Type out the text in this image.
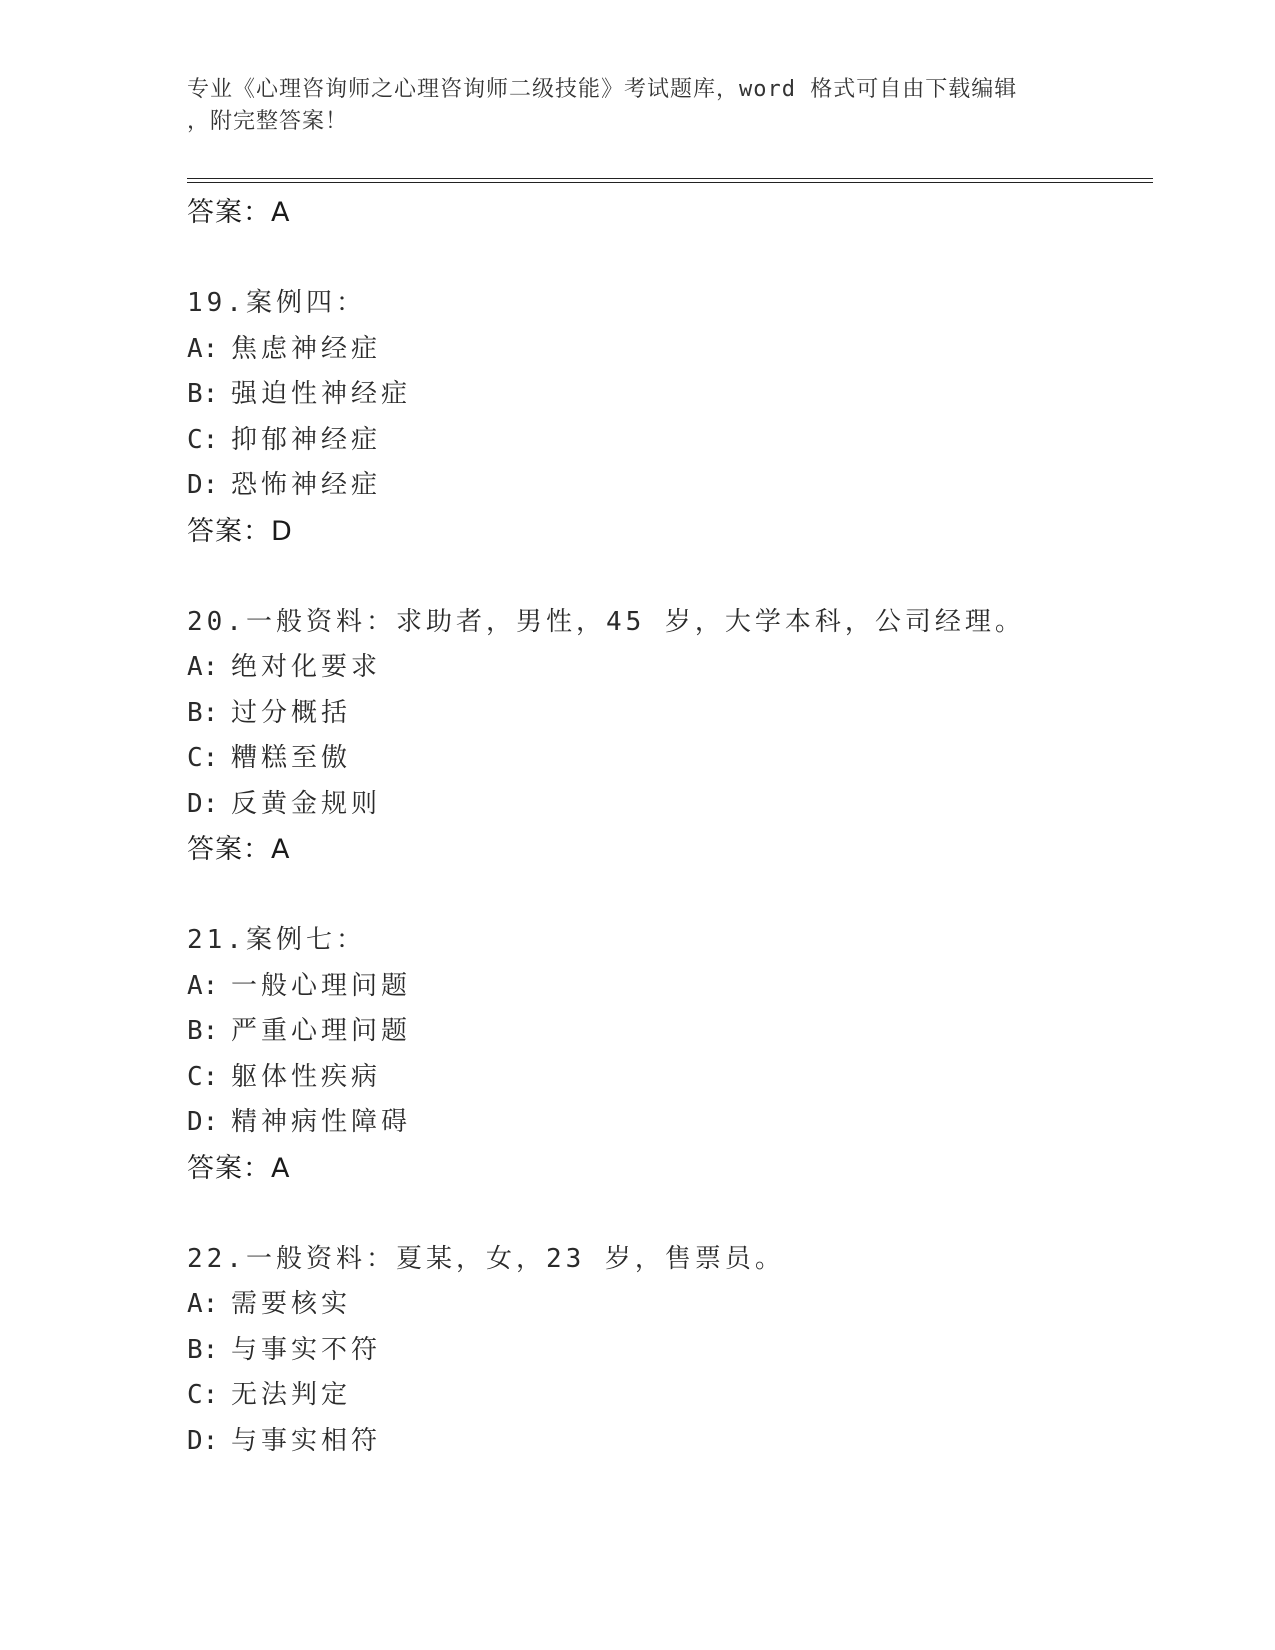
专业《心理咨询师之心理咨询师二级技能》考试题库，word 格式可自由下载编辑
，附完整答案！
答案：A
19.案例四：
A: 焦虑神经症
B: 强迫性神经症
C: 抑郁神经症
D: 恐怖神经症
答案：D
20.一般资料：求助者，男性，45 岁，大学本科，公司经理。
A: 绝对化要求
B: 过分概括
C: 糟糕至傲
D: 反黄金规则
答案：A
21.案例七：
A: 一般心理问题
B: 严重心理问题
C: 躯体性疾病
D: 精神病性障碍
答案：A
22.一般资料：夏某，女，23 岁，售票员。
A: 需要核实
B: 与事实不符
C: 无法判定
D: 与事实相符
